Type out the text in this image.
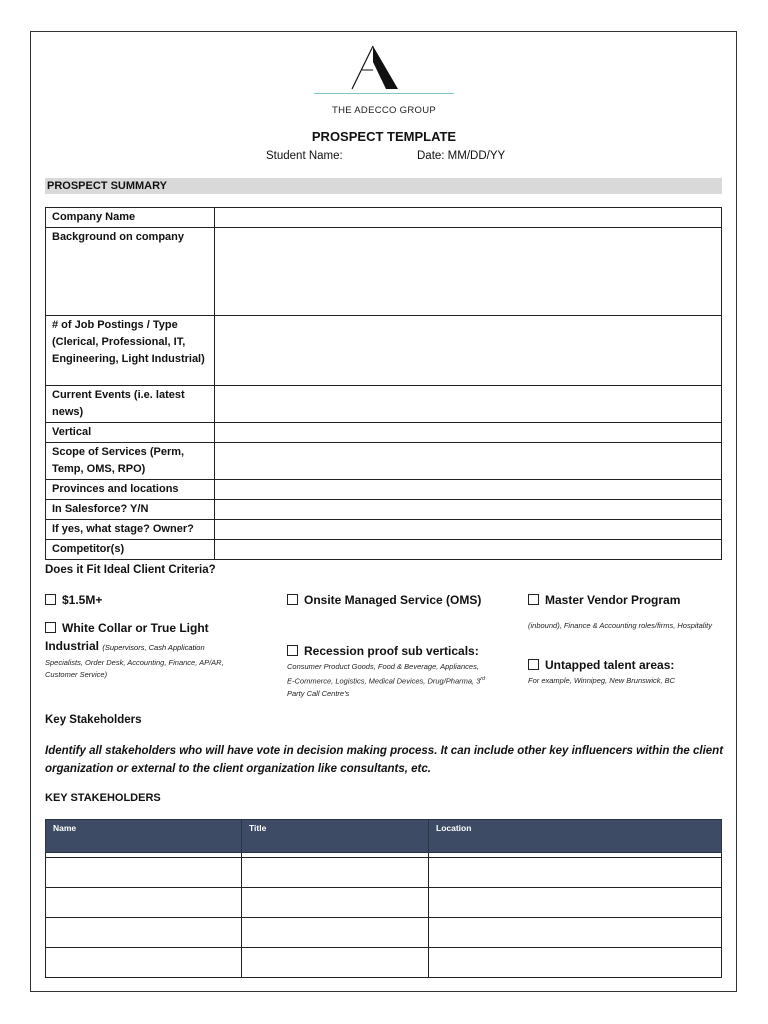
THE ADECCO GROUP
PROSPECT TEMPLATE
Student Name:	Date: MM/DD/YY
PROSPECT SUMMARY
Company Name	
Background on company	
# of Job Postings / Type (Clerical, Professional, IT, Engineering, Light Industrial)	
Current Events (i.e. latest news)	
Vertical	
Scope of Services (Perm, Temp, OMS, RPO)	
Provinces and locations	
In Salesforce? Y/N	
If yes, what stage? Owner?	
Competitor(s)	
Does it Fit Ideal Client Criteria?
$1.5M+	Onsite Managed Service (OMS)	Master Vendor Program
(inbound), Finance & Accounting roles/firms, Hospitality
White Collar or True Light
Industrial (Supervisors, Cash Application
Specialists, Order Desk, Accounting, Finance, AP/AR, Customer Service)
Recession proof sub verticals:
Consumer Product Goods, Food & Beverage, Appliances, E-Commerce, Logistics, Medical Devices, Drug/Pharma, 3rd Party Call Centre's
Untapped talent areas:
For example, Winnipeg, New Brunswick, BC
Key Stakeholders
Identify all stakeholders who will have vote in decision making process. It can include other key influencers within the client organization or external to the client organization like consultants, etc.
KEY STAKEHOLDERS
Name	Title	Location
